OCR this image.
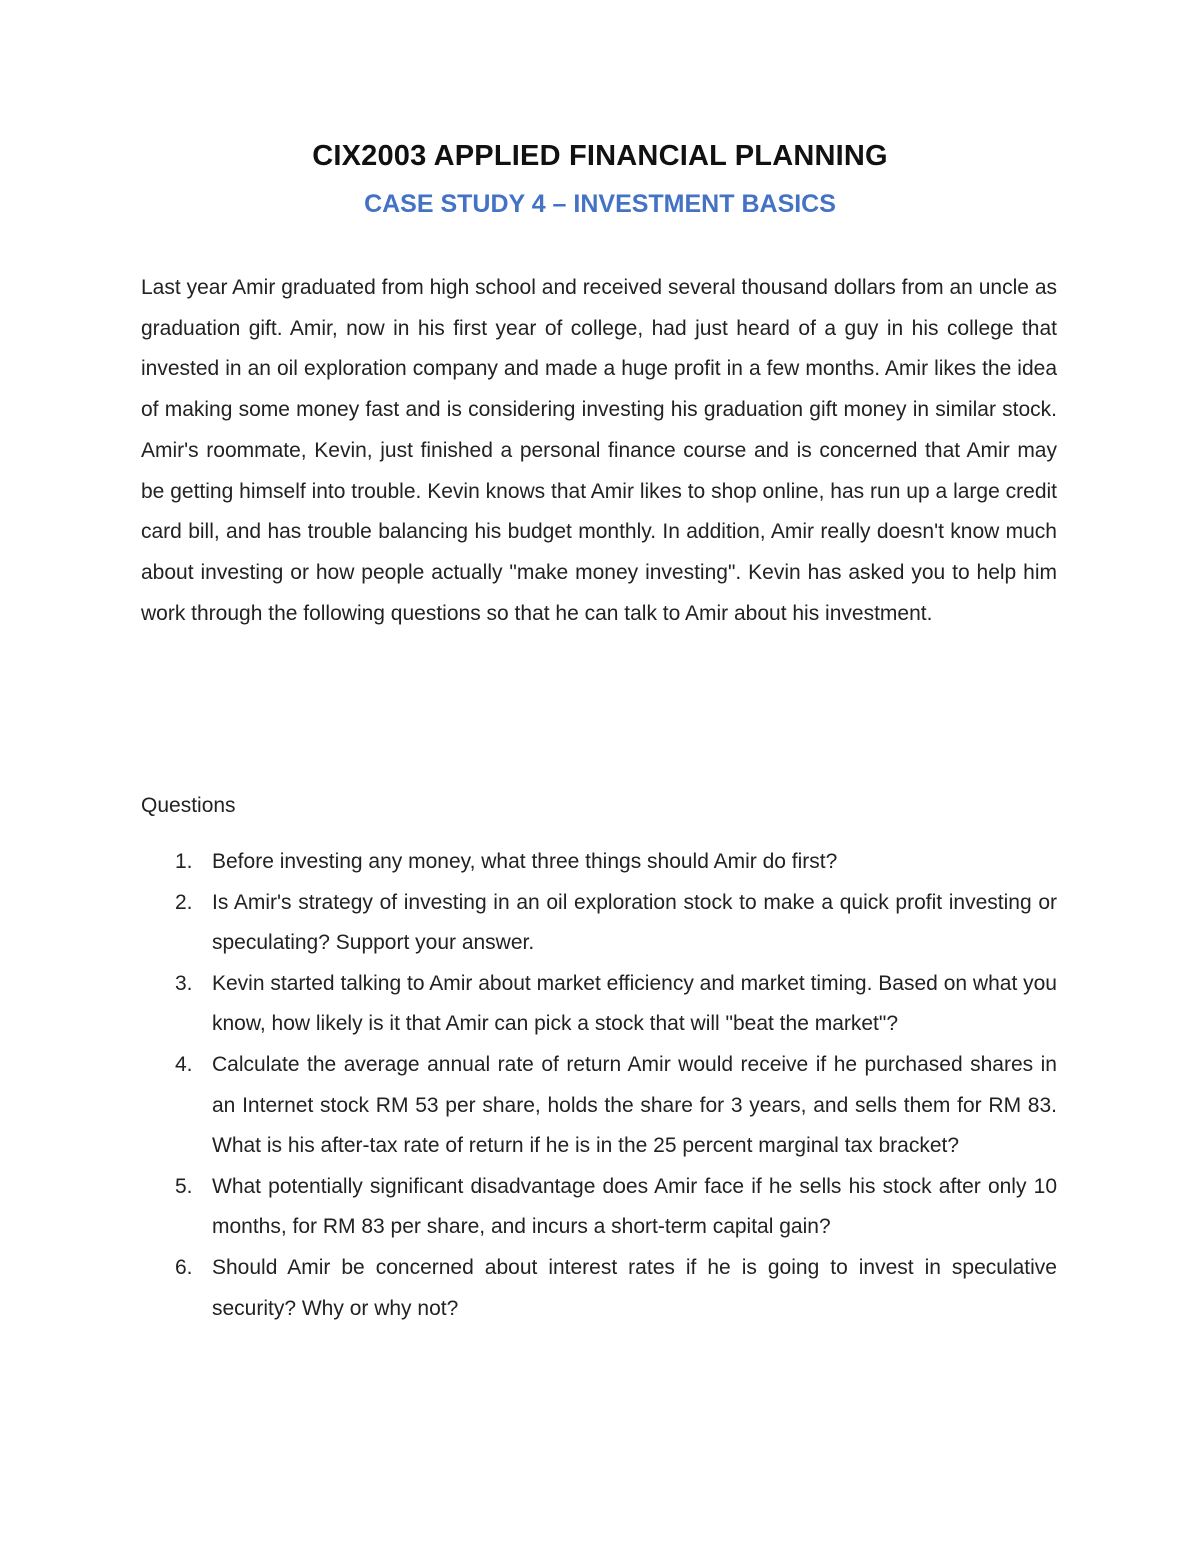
CIX2003 APPLIED FINANCIAL PLANNING
CASE STUDY 4 – INVESTMENT BASICS

Last year Amir graduated from high school and received several thousand dollars from an uncle as graduation gift. Amir, now in his first year of college, had just heard of a guy in his college that invested in an oil exploration company and made a huge profit in a few months. Amir likes the idea of making some money fast and is considering investing his graduation gift money in similar stock. Amir's roommate, Kevin, just finished a personal finance course and is concerned that Amir may be getting himself into trouble. Kevin knows that Amir likes to shop online, has run up a large credit card bill, and has trouble balancing his budget monthly. In addition, Amir really doesn't know much about investing or how people actually "make money investing". Kevin has asked you to help him work through the following questions so that he can talk to Amir about his investment.

Questions
1. Before investing any money, what three things should Amir do first?
2. Is Amir's strategy of investing in an oil exploration stock to make a quick profit investing or speculating? Support your answer.
3. Kevin started talking to Amir about market efficiency and market timing. Based on what you know, how likely is it that Amir can pick a stock that will "beat the market"?
4. Calculate the average annual rate of return Amir would receive if he purchased shares in an Internet stock RM 53 per share, holds the share for 3 years, and sells them for RM 83. What is his after-tax rate of return if he is in the 25 percent marginal tax bracket?
5. What potentially significant disadvantage does Amir face if he sells his stock after only 10 months, for RM 83 per share, and incurs a short-term capital gain?
6. Should Amir be concerned about interest rates if he is going to invest in speculative security? Why or why not?
